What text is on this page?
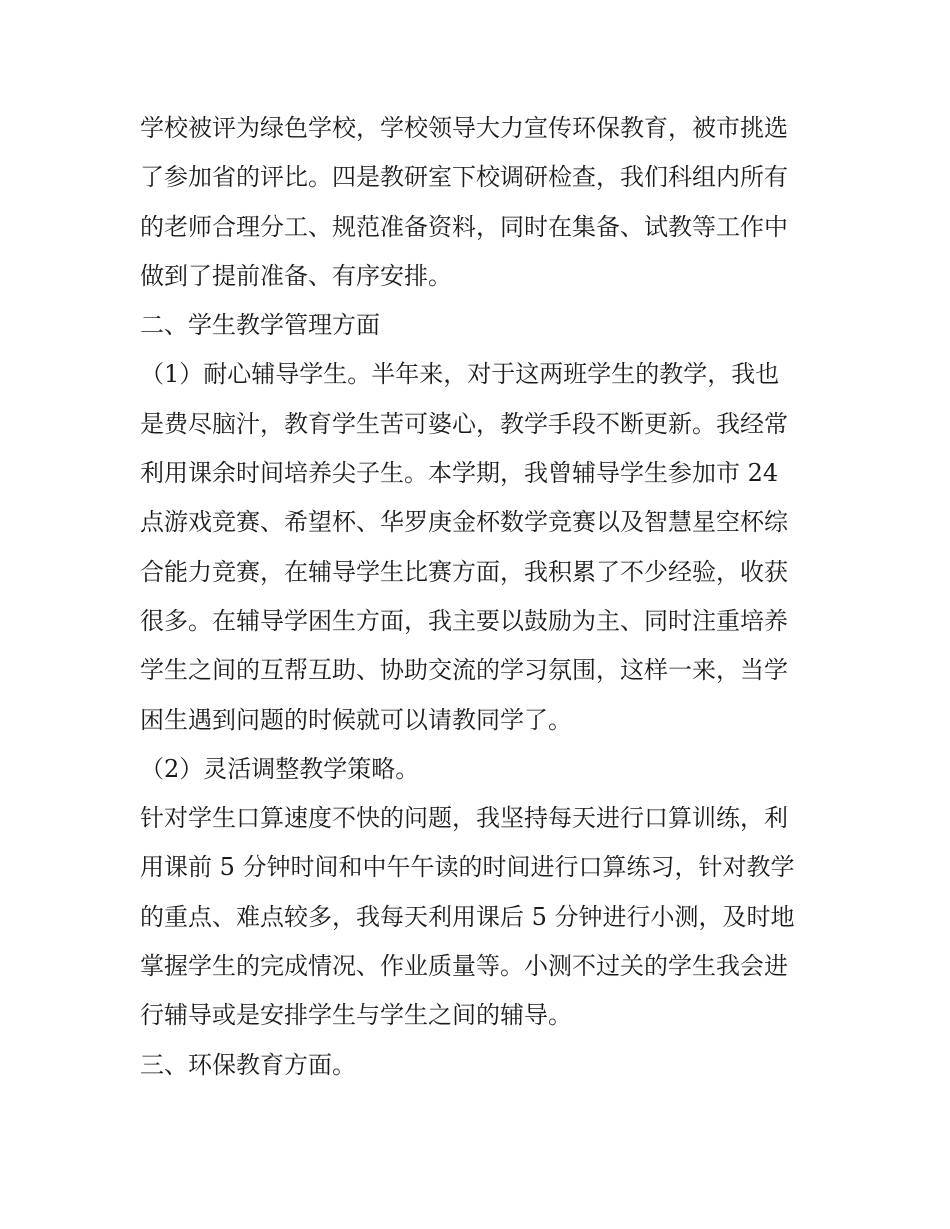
学校被评为绿色学校，学校领导大力宣传环保教育，被市挑选
了参加省的评比。四是教研室下校调研检查，我们科组内所有
的老师合理分工、规范准备资料，同时在集备、试教等工作中
做到了提前准备、有序安排。
二、学生教学管理方面
（1）耐心辅导学生。半年来，对于这两班学生的教学，我也
是费尽脑汁，教育学生苦可婆心，教学手段不断更新。我经常
利用课余时间培养尖子生。本学期，我曾辅导学生参加市 24
点游戏竞赛、希望杯、华罗庚金杯数学竞赛以及智慧星空杯综
合能力竞赛，在辅导学生比赛方面，我积累了不少经验，收获
很多。在辅导学困生方面，我主要以鼓励为主、同时注重培养
学生之间的互帮互助、协助交流的学习氛围，这样一来，当学
困生遇到问题的时候就可以请教同学了。
（2）灵活调整教学策略。
针对学生口算速度不快的问题，我坚持每天进行口算训练，利
用课前 5 分钟时间和中午午读的时间进行口算练习，针对教学
的重点、难点较多，我每天利用课后 5 分钟进行小测，及时地
掌握学生的完成情况、作业质量等。小测不过关的学生我会进
行辅导或是安排学生与学生之间的辅导。
三、环保教育方面。
